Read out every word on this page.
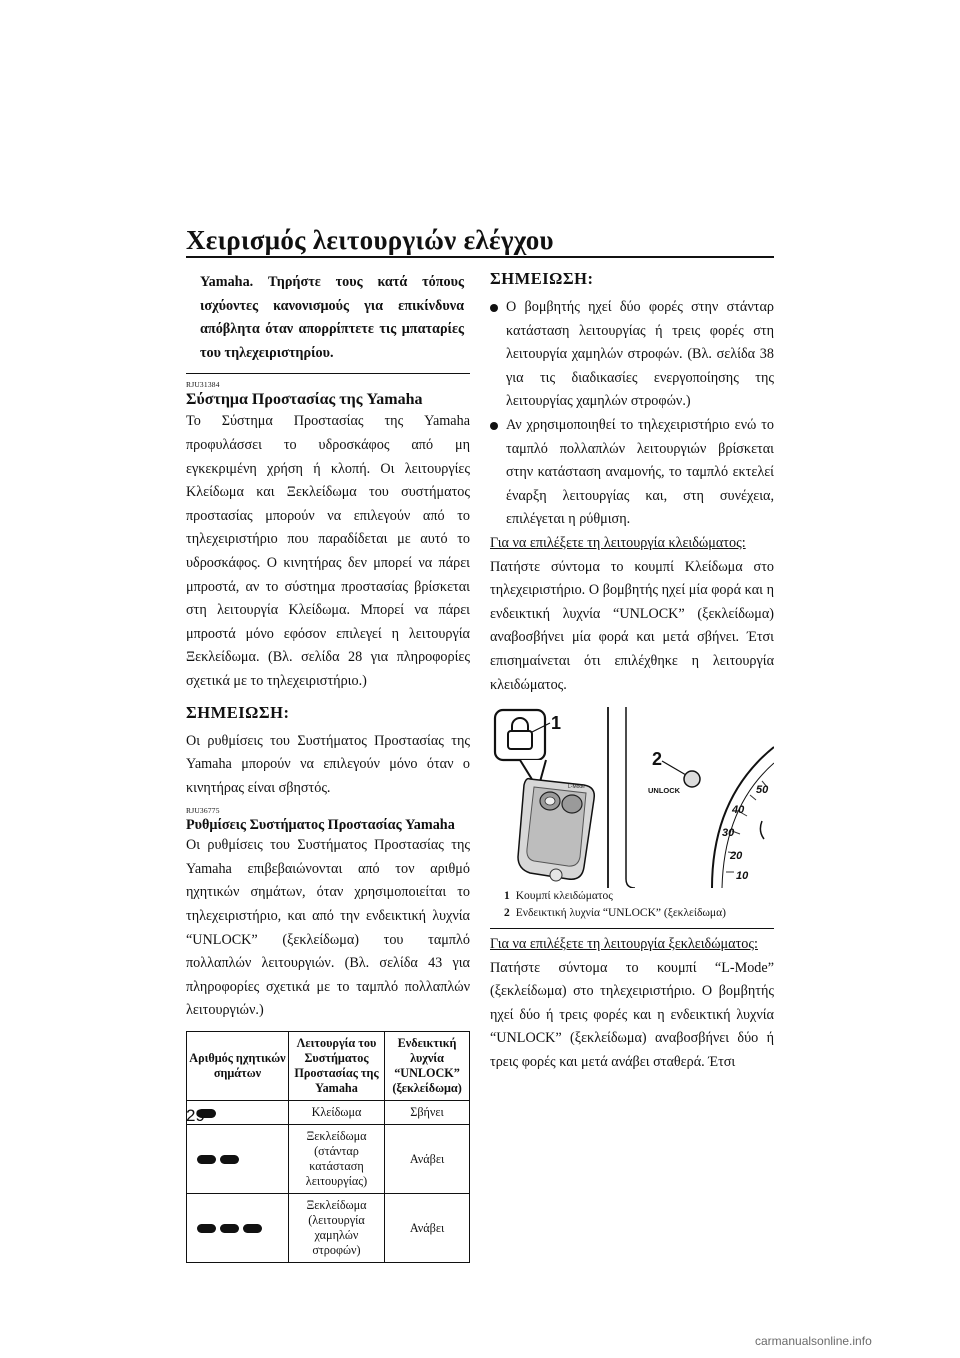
Χειρισμός λειτουργιών ελέγχου

Yamaha. Τηρήστε τους κατά τόπους ισχύοντες κανονισμούς για επικίνδυνα απόβλητα όταν απορρίπτετε τις μπαταρίες του τηλεχειριστηρίου.

RJU31384
Σύστημα Προστασίας της Yamaha

Το Σύστημα Προστασίας της Yamaha προφυλάσσει το υδροσκάφος από μη εγκεκριμένη χρήση ή κλοπή. Οι λειτουργίες Κλείδωμα και Ξεκλείδωμα του συστήματος προστασίας μπορούν να επιλεγούν από το τηλεχειριστήριο που παραδίδεται με αυτό το υδροσκάφος. Ο κινητήρας δεν μπορεί να πάρει μπροστά, αν το σύστημα προστασίας βρίσκεται στη λειτουργία Κλείδωμα. Μπορεί να πάρει μπροστά μόνο εφόσον επιλεγεί η λειτουργία Ξεκλείδωμα. (Βλ. σελίδα 28 για πληροφορίες σχετικά με το τηλεχειριστήριο.)

ΣΗΜΕΙΩΣΗ:

Οι ρυθμίσεις του Συστήματος Προστασίας της Yamaha μπορούν να επιλεγούν μόνο όταν ο κινητήρας είναι σβηστός.

RJU36775
Ρυθμίσεις Συστήματος Προστασίας Yamaha

Οι ρυθμίσεις του Συστήματος Προστασίας της Yamaha επιβεβαιώνονται από τον αριθμό ηχητικών σημάτων, όταν χρησιμοποιείται το τηλεχειριστήριο, και από την ενδεικτική λυχνία “UNLOCK” (ξεκλείδωμα) του ταμπλό πολλαπλών λειτουργιών. (Βλ. σελίδα 43 για πληροφορίες σχετικά με το ταμπλό πολλαπλών λειτουργιών.)

Αριθμός ηχητικών σημάτων	Λειτουργία του Συστήματος Προστασίας της Yamaha	Ενδεικτική λυχνία “UNLOCK” (ξεκλείδωμα)
	Κλείδωμα	Σβήνει
	Ξεκλείδωμα (στάνταρ κατάσταση λειτουργίας)	Ανάβει
	Ξεκλείδωμα (λειτουργία χαμηλών στροφών)	Ανάβει
ΣΗΜΕΙΩΣΗ:
Ο βομβητής ηχεί δύο φορές στην στάνταρ κατάσταση λειτουργίας ή τρεις φορές στη λειτουργία χαμηλών στροφών. (Βλ. σελίδα 38 για τις διαδικασίες ενεργοποίησης της λειτουργίας χαμηλών στροφών.)
Αν χρησιμοποιηθεί το τηλεχειριστήριο ενώ το ταμπλό πολλαπλών λειτουργιών βρίσκεται στην κατάσταση αναμονής, το ταμπλό εκτελεί έναρξη λειτουργίας και, στη συνέχεια, επιλέγεται η ρύθμιση.

Για να επιλέξετε τη λειτουργία κλειδώματος:

Πατήστε σύντομα το κουμπί Κλείδωμα στο τηλεχειριστήριο. Ο βομβητής ηχεί μία φορά και η ενδεικτική λυχνία “UNLOCK” (ξεκλείδωμα) αναβοσβήνει μία φορά και μετά σβήνει. Έτσι επισημαίνεται ότι επιλέχθηκε η λειτουργία κλειδώματος.

1
L-Mode
2
UNLOCK
10
20
30
40
50
1 Κουμπί κλειδώματος
2 Ενδεικτική λυχνία “UNLOCK” (ξεκλείδωμα)

Για να επιλέξετε τη λειτουργία ξεκλειδώματος:

Πατήστε σύντομα το κουμπί “L-Mode” (ξεκλείδωμα) στο τηλεχειριστήριο. Ο βομβητής ηχεί δύο ή τρεις φορές και η ενδεικτική λυχνία “UNLOCK” (ξεκλείδωμα) αναβοσβήνει δύο ή τρεις φορές και μετά ανάβει σταθερά. Έτσι

29
carmanualsonline.info
